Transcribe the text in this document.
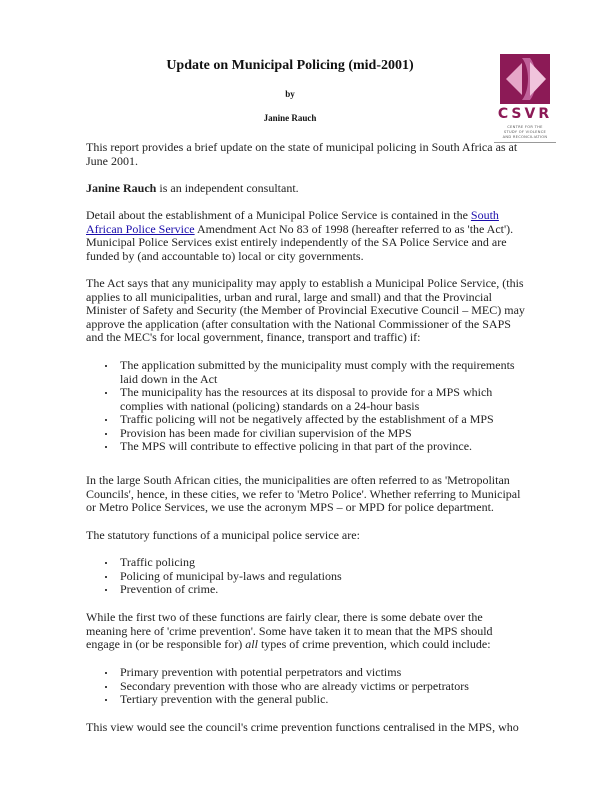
Update on Municipal Policing (mid-2001)
by
Janine Rauch	CSVR
CENTRE FOR THE
STUDY OF VIOLENCE
AND RECONCILIATION

This report provides a brief update on the state of municipal policing in South Africa as at June 2001.

Janine Rauch is an independent consultant.

Detail about the establishment of a Municipal Police Service is contained in the South African Police Service Amendment Act No 83 of 1998 (hereafter referred to as 'the Act'). Municipal Police Services exist entirely independently of the SA Police Service and are funded by (and accountable to) local or city governments.

The Act says that any municipality may apply to establish a Municipal Police Service, (this applies to all municipalities, urban and rural, large and small) and that the Provincial Minister of Safety and Security (the Member of Provincial Executive Council – MEC) may approve the application (after consultation with the National Commissioner of the SAPS and the MEC's for local government, finance, transport and traffic) if:

The application submitted by the municipality must comply with the requirements laid down in the Act
The municipality has the resources at its disposal to provide for a MPS which complies with national (policing) standards on a 24-hour basis
Traffic policing will not be negatively affected by the establishment of a MPS
Provision has been made for civilian supervision of the MPS
The MPS will contribute to effective policing in that part of the province.

In the large South African cities, the municipalities are often referred to as 'Metropolitan Councils', hence, in these cities, we refer to 'Metro Police'. Whether referring to Municipal or Metro Police Services, we use the acronym MPS – or MPD for police department.

The statutory functions of a municipal police service are:

Traffic policing
Policing of municipal by-laws and regulations
Prevention of crime.

While the first two of these functions are fairly clear, there is some debate over the meaning here of 'crime prevention'. Some have taken it to mean that the MPS should engage in (or be responsible for) all types of crime prevention, which could include:

Primary prevention with potential perpetrators and victims
Secondary prevention with those who are already victims or perpetrators
Tertiary prevention with the general public.

This view would see the council's crime prevention functions centralised in the MPS, who
